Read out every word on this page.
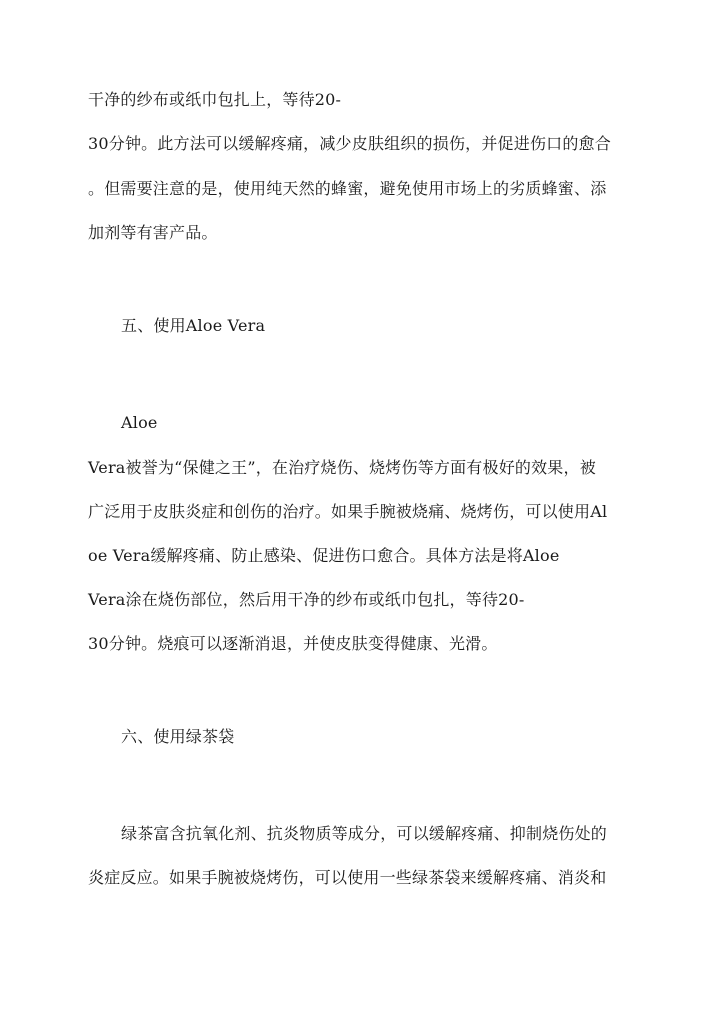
干净的纱布或纸巾包扎上，等待20-
30分钟。此方法可以缓解疼痛，减少皮肤组织的损伤，并促进伤口的愈合
。但需要注意的是，使用纯天然的蜂蜜，避免使用市场上的劣质蜂蜜、添
加剂等有害产品。
五、使用Aloe Vera
Aloe
Vera被誉为“保健之王”，在治疗烧伤、烧烤伤等方面有极好的效果，被
广泛用于皮肤炎症和创伤的治疗。如果手腕被烧痛、烧烤伤，可以使用Al
oe Vera缓解疼痛、防止感染、促进伤口愈合。具体方法是将Aloe
Vera涂在烧伤部位，然后用干净的纱布或纸巾包扎，等待20-
30分钟。烧痕可以逐渐消退，并使皮肤变得健康、光滑。
六、使用绿茶袋
绿茶富含抗氧化剂、抗炎物质等成分，可以缓解疼痛、抑制烧伤处的
炎症反应。如果手腕被烧烤伤，可以使用一些绿茶袋来缓解疼痛、消炎和
